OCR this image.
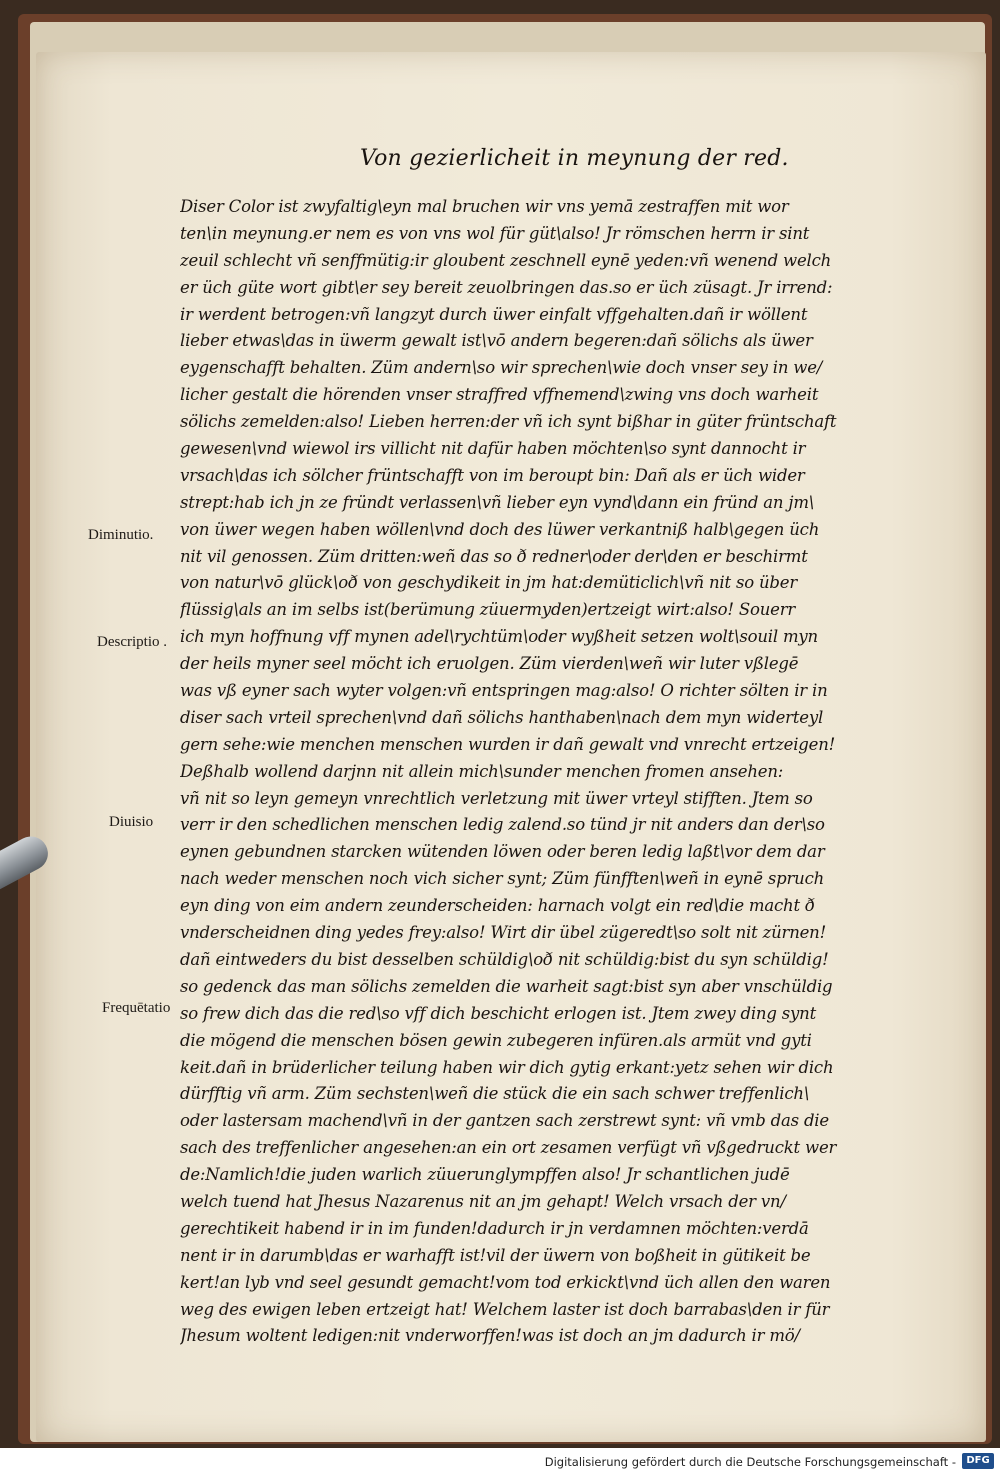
Von gezierlicheit in meynung der red.
Diser Color ist zwyfaltig\eyn mal bruchen wir vns yemā zestraffen mit wor
ten\in meynung.er nem es von vns wol für güt\also! Jr römschen herrn ir sint
zeuil schlecht vñ senffmütig:ir gloubent zeschnell eynē yeden:vñ wenend welch
er üch güte wort gibt\er sey bereit zeuolbringen das.so er üch züsagt. Jr irrend:
ir werdent betrogen:vñ langzyt durch üwer einfalt vffgehalten.dañ ir wöllent
lieber etwas\das in üwerm gewalt ist\vō andern begeren:dañ sölichs als üwer
eygenschafft behalten. Züm andern\so wir sprechen\wie doch vnser sey in we/
licher gestalt die hörenden vnser straffred vffnemend\zwing vns doch warheit
sölichs zemelden:also! Lieben herren:der vñ ich synt bißhar in güter früntschaft
gewesen\vnd wiewol irs villicht nit dafür haben möchten\so synt dannocht ir
vrsach\das ich sölcher früntschafft von im beroupt bin: Dañ als er üch wider
strept:hab ich jn ze fründt verlassen\vñ lieber eyn vynd\dann ein fründ an jm\
von üwer wegen haben wöllen\vnd doch des lüwer verkantniß halb\gegen üch
nit vil genossen. Züm dritten:weñ das so ð redner\oder der\den er beschirmt
von natur\vō glück\oð von geschydikeit in jm hat:demüticlich\vñ nit so über
flüssig\als an im selbs ist(berümung züuermyden)ertzeigt wirt:also! Souerr
ich myn hoffnung vff mynen adel\rychtüm\oder wyßheit setzen wolt\souil myn
der heils myner seel möcht ich eruolgen. Züm vierden\weñ wir luter vßlegē
was vß eyner sach wyter volgen:vñ entspringen mag:also! O richter sölten ir in
diser sach vrteil sprechen\vnd dañ sölichs hanthaben\nach dem myn widerteyl
gern sehe:wie menchen menschen wurden ir dañ gewalt vnd vnrecht ertzeigen!
Deßhalb wollend darjnn nit allein mich\sunder menchen fromen ansehen:
vñ nit so leyn gemeyn vnrechtlich verletzung mit üwer vrteyl stifften. Jtem so
verr ir den schedlichen menschen ledig zalend.so tünd jr nit anders dan der\so
eynen gebundnen starcken wütenden löwen oder beren ledig laßt\vor dem dar
nach weder menschen noch vich sicher synt; Züm fünfften\weñ in eynē spruch
eyn ding von eim andern zeunderscheiden: harnach volgt ein red\die macht ð
vnderscheidnen ding yedes frey:also! Wirt dir übel zügeredt\so solt nit zürnen!
dañ eintweders du bist desselben schüldig\oð nit schüldig:bist du syn schüldig!
so gedenck das man sölichs zemelden die warheit sagt:bist syn aber vnschüldig
so frew dich das die red\so vff dich beschicht erlogen ist. Jtem zwey ding synt
die mögend die menschen bösen gewin zubegeren infüren.als armüt vnd gyti
keit.dañ in brüderlicher teilung haben wir dich gytig erkant:yetz sehen wir dich
dürfftig vñ arm. Züm sechsten\weñ die stück die ein sach schwer treffenlich\
oder lastersam machend\vñ in der gantzen sach zerstrewt synt: vñ vmb das die
sach des treffenlicher angesehen:an ein ort zesamen verfügt vñ vßgedruckt wer
de:Namlich!die juden warlich züuerunglympffen also! Jr schantlichen judē
welch tuend hat Jhesus Nazarenus nit an jm gehapt! Welch vrsach der vn/
gerechtikeit habend ir in im funden!dadurch ir jn verdamnen möchten:verdā
nent ir in darumb\das er warhafft ist!vil der üwern von boßheit in gütikeit be
kert!an lyb vnd seel gesundt gemacht!vom tod erkickt\vnd üch allen den waren
weg des ewigen leben ertzeigt hat! Welchem laster ist doch barrabas\den ir für
Jhesum woltent ledigen:nit vnderworffen!was ist doch an jm dadurch ir mö/
Diminutio.
Descriptio .
Diuisio
Frequētatio
Digitalisierung gefördert durch die Deutsche Forschungsgemeinschaft -	DFG
